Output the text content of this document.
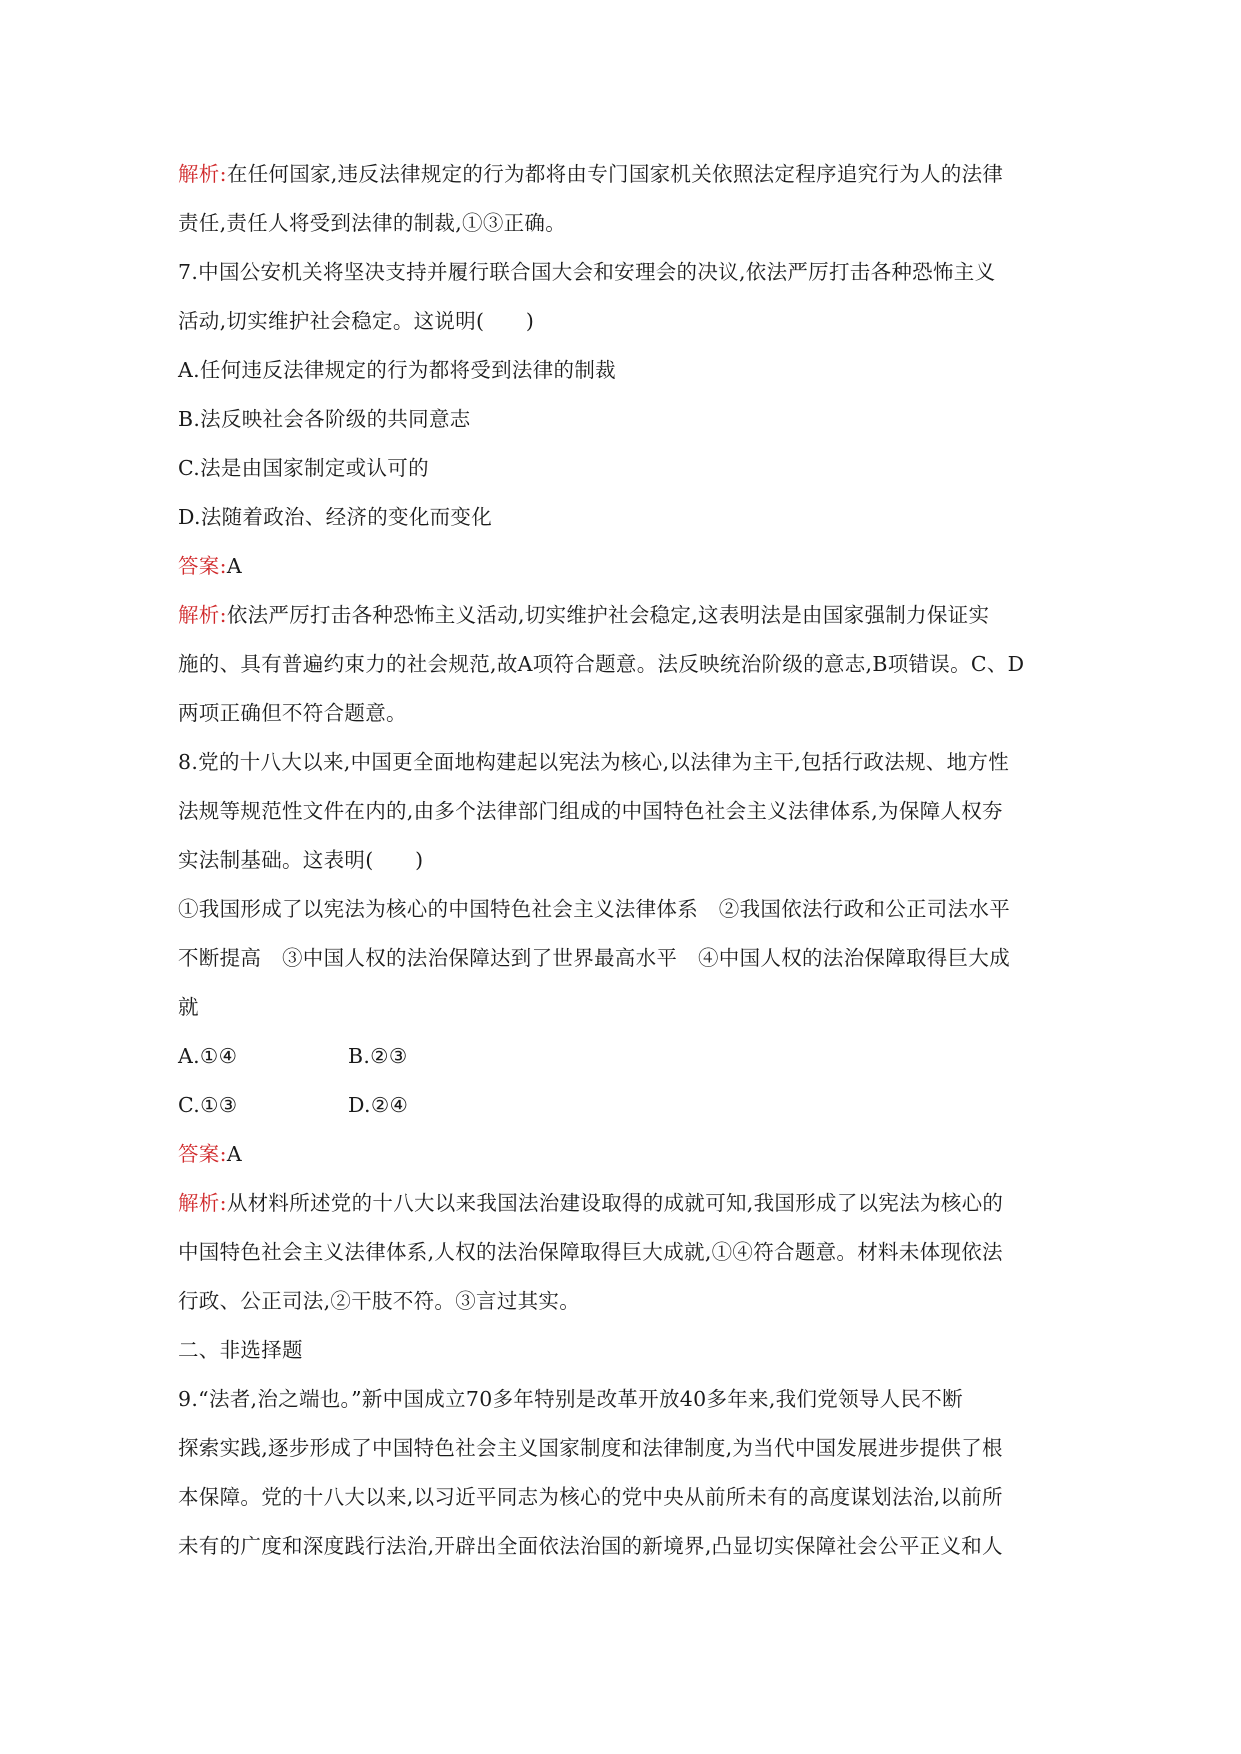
解析:在任何国家,违反法律规定的行为都将由专门国家机关依照法定程序追究行为人的法律
责任,责任人将受到法律的制裁,①③正确。
7.中国公安机关将坚决支持并履行联合国大会和安理会的决议,依法严厉打击各种恐怖主义
活动,切实维护社会稳定。这说明(　　)
A.任何违反法律规定的行为都将受到法律的制裁
B.法反映社会各阶级的共同意志
C.法是由国家制定或认可的
D.法随着政治、经济的变化而变化
答案:A
解析:依法严厉打击各种恐怖主义活动,切实维护社会稳定,这表明法是由国家强制力保证实
施的、具有普遍约束力的社会规范,故A项符合题意。法反映统治阶级的意志,B项错误。C、D
两项正确但不符合题意。
8.党的十八大以来,中国更全面地构建起以宪法为核心,以法律为主干,包括行政法规、地方性
法规等规范性文件在内的,由多个法律部门组成的中国特色社会主义法律体系,为保障人权夯
实法制基础。这表明(　　)
①我国形成了以宪法为核心的中国特色社会主义法律体系　②我国依法行政和公正司法水平
不断提高　③中国人权的法治保障达到了世界最高水平　④中国人权的法治保障取得巨大成
就
A.①④	B.②③
C.①③	D.②④
答案:A
解析:从材料所述党的十八大以来我国法治建设取得的成就可知,我国形成了以宪法为核心的
中国特色社会主义法律体系,人权的法治保障取得巨大成就,①④符合题意。材料未体现依法
行政、公正司法,②干肢不符。③言过其实。
二、非选择题
9.“法者,治之端也。”新中国成立70多年特别是改革开放40多年来,我们党领导人民不断
探索实践,逐步形成了中国特色社会主义国家制度和法律制度,为当代中国发展进步提供了根
本保障。党的十八大以来,以习近平同志为核心的党中央从前所未有的高度谋划法治,以前所
未有的广度和深度践行法治,开辟出全面依法治国的新境界,凸显切实保障社会公平正义和人
